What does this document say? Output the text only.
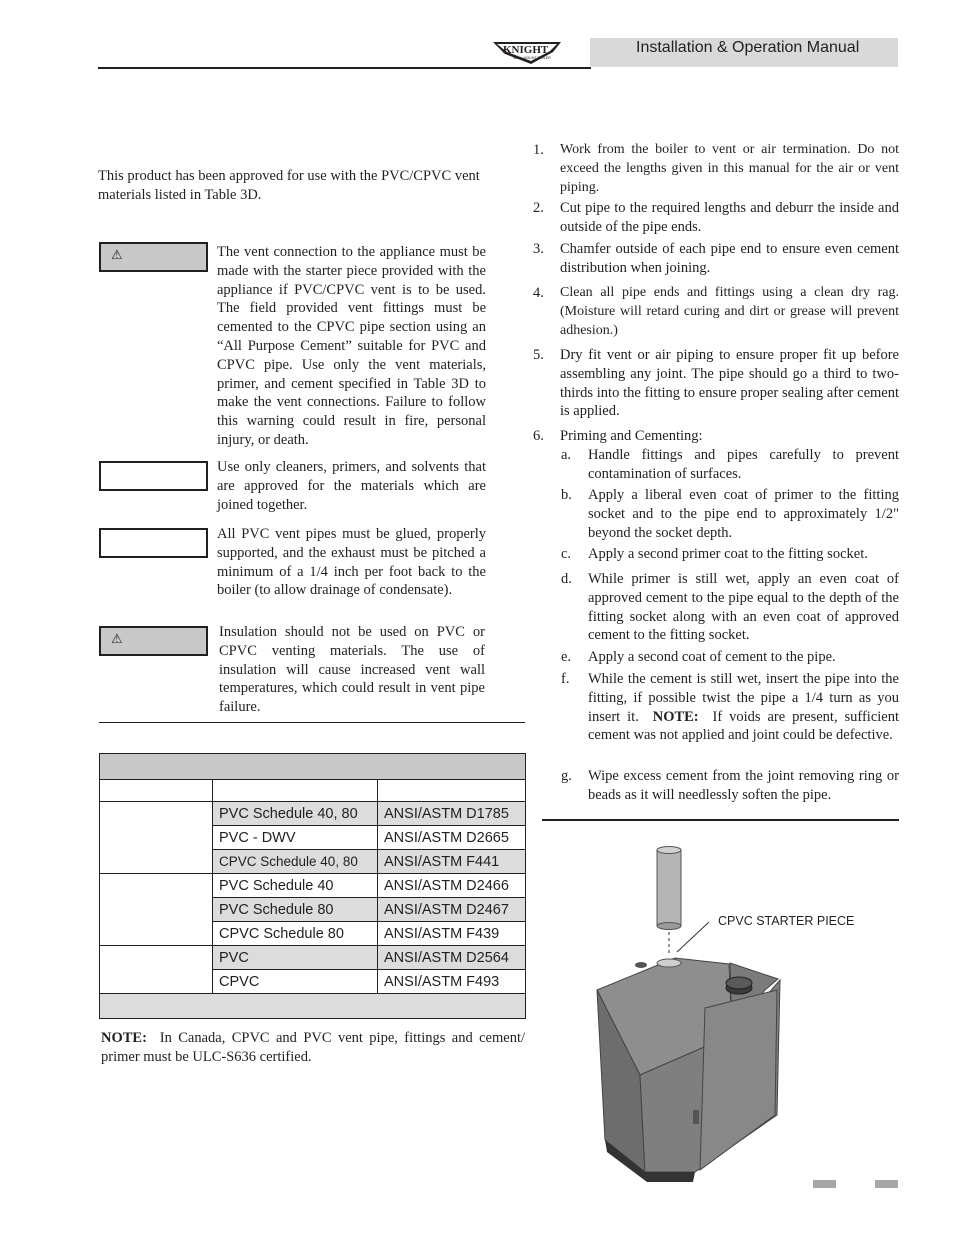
Installation & Operation Manual
KNIGHT
WALL MOUNT BOILER
This product has been approved for use with the PVC/CPVC vent materials listed in Table 3D.
⚠	The vent connection to the appliance must be made with the starter piece provided with the appliance if PVC/CPVC vent is to be used. The field provided vent fittings must be cemented to the CPVC pipe section using an “All Purpose Cement” suitable for PVC and CPVC pipe. Use only the vent materials, primer, and cement specified in Table 3D to make the vent connections. Failure to follow this warning could result in fire, personal injury, or death.
Use only cleaners, primers, and solvents that are approved for the materials which are joined together.
All PVC vent pipes must be glued, properly supported, and the exhaust must be pitched a minimum of a 1/4 inch per foot back to the boiler (to allow drainage of condensate).
⚠	Insulation should not be used on PVC or CPVC venting materials. The use of insulation will cause increased vent wall temperatures, which could result in vent pipe failure.

	PVC Schedule 40, 80	ANSI/ASTM D1785
	PVC - DWV	ANSI/ASTM D2665
	CPVC Schedule 40, 80	ANSI/ASTM F441
	PVC Schedule 40	ANSI/ASTM D2466
	PVC Schedule 80	ANSI/ASTM D2467
	CPVC Schedule 80	ANSI/ASTM F439
	PVC	ANSI/ASTM D2564
	CPVC	ANSI/ASTM F493

NOTE: In Canada, CPVC and PVC vent pipe, fittings and cement/ primer must be ULC-S636 certified.
1. Work from the boiler to vent or air termination. Do not exceed the lengths given in this manual for the air or vent piping.
2. Cut pipe to the required lengths and deburr the inside and outside of the pipe ends.
3. Chamfer outside of each pipe end to ensure even cement distribution when joining.
4. Clean all pipe ends and fittings using a clean dry rag. (Moisture will retard curing and dirt or grease will prevent adhesion.)
5. Dry fit vent or air piping to ensure proper fit up before assembling any joint. The pipe should go a third to two-thirds into the fitting to ensure proper sealing after cement is applied.
6. Priming and Cementing:
a. Handle fittings and pipes carefully to prevent contamination of surfaces.
b. Apply a liberal even coat of primer to the fitting socket and to the pipe end to approximately 1/2" beyond the socket depth.
c. Apply a second primer coat to the fitting socket.
d. While primer is still wet, apply an even coat of approved cement to the pipe equal to the depth of the fitting socket along with an even coat of approved cement to the fitting socket.
e. Apply a second coat of cement to the pipe.
f. While the cement is still wet, insert the pipe into the fitting, if possible twist the pipe a 1/4 turn as you insert it. NOTE: If voids are present, sufficient cement was not applied and joint could be defective.
g. Wipe excess cement from the joint removing ring or beads as it will needlessly soften the pipe.
CPVC STARTER PIECE
